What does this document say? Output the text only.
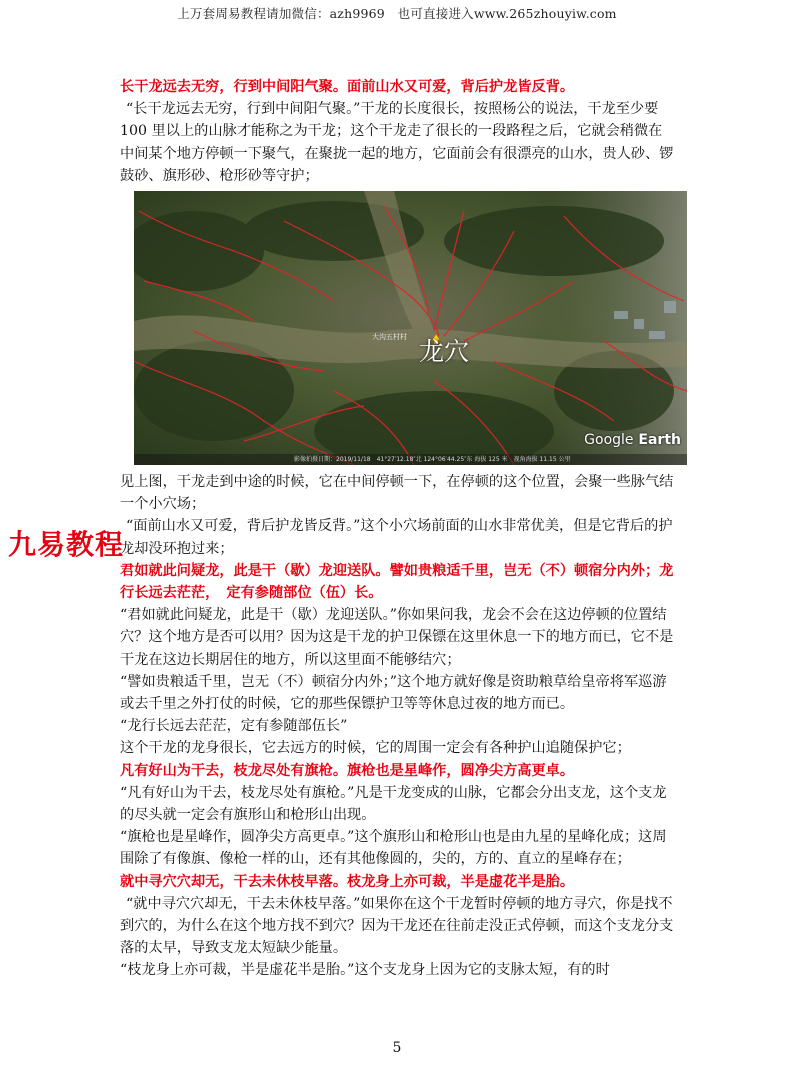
上万套周易教程请加微信：azh9969　也可直接进入www.265zhouyiw.com

长干龙远去无穷，行到中间阳气聚。面前山水又可爱，背后护龙皆反背。

“长干龙远去无穷，行到中间阳气聚。”干龙的长度很长，按照杨公的说法，干龙至少要 100 里以上的山脉才能称之为干龙；这个干龙走了很长的一段路程之后，它就会稍微在中间某个地方停顿一下聚气，在聚拢一起的地方，它面前会有很漂亮的山水，贵人砂、锣鼓砂、旗形砂、枪形砂等守护；

大沟五村村 龙穴
Google Earth
影像拍摄日期：2019/11/18　41°27′12.18″北 124°06′44.25″东 海拔 125 米　视角海拔 11.15 公里

见上图，干龙走到中途的时候，它在中间停顿一下，在停顿的这个位置，会聚一些脉气结一个小穴场；

“面前山水又可爱，背后护龙皆反背。”这个小穴场前面的山水非常优美，但是它背后的护龙却没环抱过来；

君如就此问疑龙，此是干（歇）龙迎送队。譬如贵粮适千里，岂无（不）顿宿分内外；龙行长远去茫茫，　定有参随部位（伍）长。

“君如就此问疑龙，此是干（歇）龙迎送队。”你如果问我，龙会不会在这边停顿的位置结穴？这个地方是否可以用？因为这是干龙的护卫保镖在这里休息一下的地方而已，它不是干龙在这边长期居住的地方，所以这里面不能够结穴；

“譬如贵粮适千里，岂无（不）顿宿分内外；”这个地方就好像是资助粮草给皇帝将军巡游或去千里之外打仗的时候，它的那些保镖护卫等等休息过夜的地方而已。

“龙行长远去茫茫，定有参随部伍长”

这个干龙的龙身很长，它去远方的时候，它的周围一定会有各种护山追随保护它；

凡有好山为干去，枝龙尽处有旗枪。旗枪也是星峰作，圆净尖方高更卓。

“凡有好山为干去，枝龙尽处有旗枪。”凡是干龙变成的山脉，它都会分出支龙，这个支龙的尽头就一定会有旗形山和枪形山出现。

“旗枪也是星峰作，圆净尖方高更卓。”这个旗形山和枪形山也是由九星的星峰化成；这周围除了有像旗、像枪一样的山，还有其他像圆的，尖的，方的、直立的星峰存在；

就中寻穴穴却无，干去未休枝早落。枝龙身上亦可裁，半是虚花半是胎。

“就中寻穴穴却无，干去未休枝早落。”如果你在这个干龙暂时停顿的地方寻穴，你是找不到穴的，为什么在这个地方找不到穴？因为干龙还在往前走没正式停顿，而这个支龙分支落的太早，导致支龙太短缺少能量。

“枝龙身上亦可裁，半是虚花半是胎。”这个支龙身上因为它的支脉太短，有的时

九易教程
5
